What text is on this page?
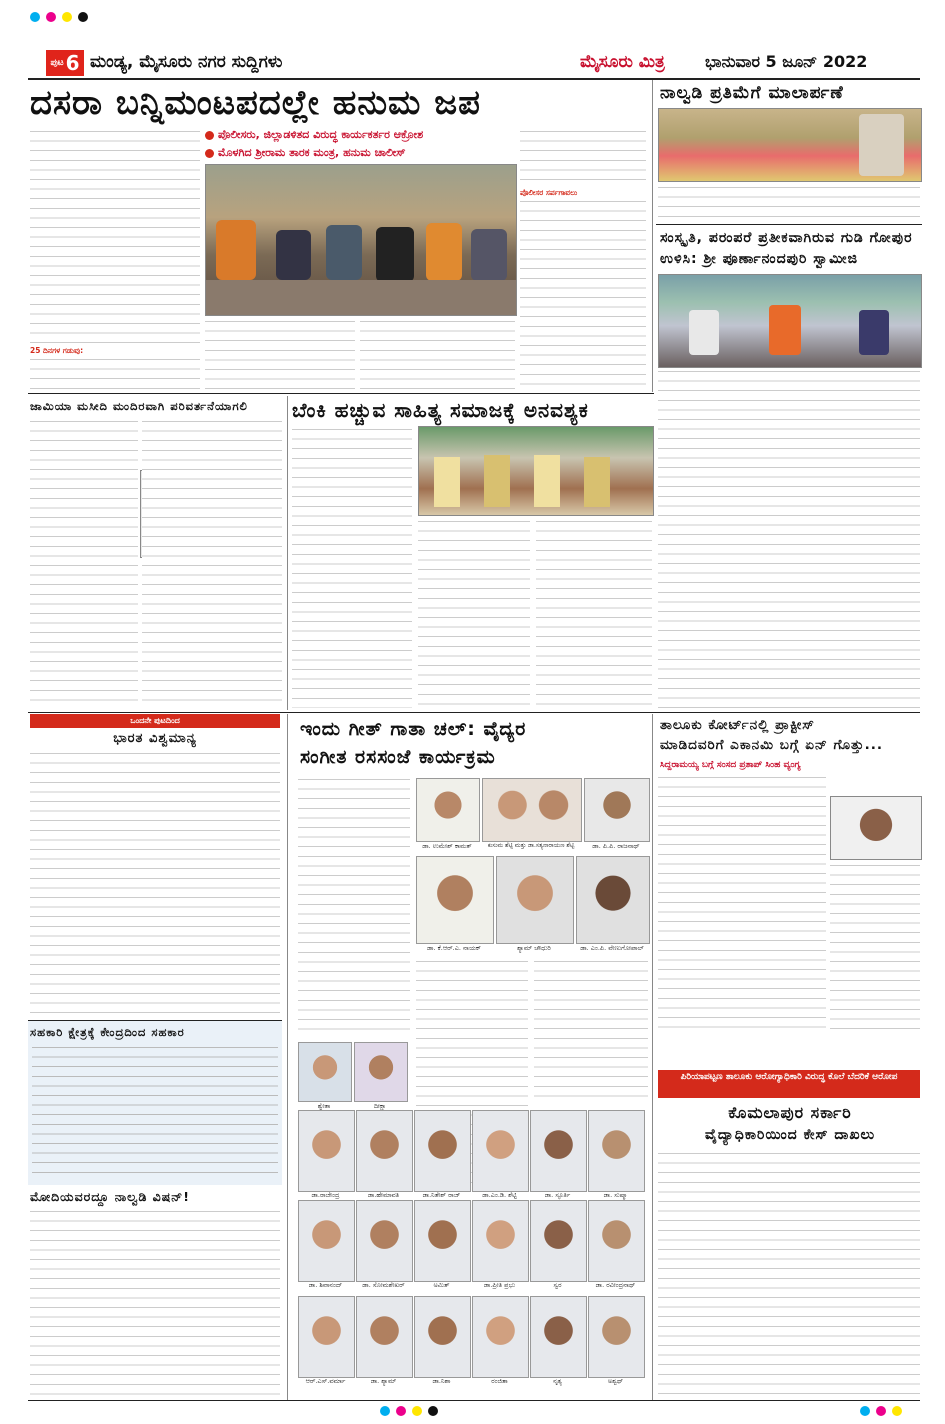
ಪುಟ 6 ಮಂಡ್ಯ, ಮೈಸೂರು ನಗರ ಸುದ್ದಿಗಳು	ಮೈಸೂರು ಮಿತ್ರ	ಭಾನುವಾರ 5 ಜೂನ್ 2022
ದಸರಾ ಬನ್ನಿಮಂಟಪದಲ್ಲೇ ಹನುಮ ಜಪ
25 ದಿನಗಳ ಗಡುವು:
ಪೊಲೀಸರು, ಜಿಲ್ಲಾಡಳಿತದ ವಿರುದ್ಧ ಕಾರ್ಯಕರ್ತರ ಆಕ್ರೋಶ
ಮೊಳಗಿದ ಶ್ರೀರಾಮ ತಾರಕ ಮಂತ್ರ, ಹನುಮ ಚಾಲೀಸ್
ಪೊಲೀಸರ ಸರ್ಪಗಾವಲು
ನಾಲ್ವಡಿ ಪ್ರತಿಮೆಗೆ ಮಾಲಾರ್ಪಣೆ
ಸಂಸ್ಕೃತಿ, ಪರಂಪರೆ ಪ್ರತೀಕವಾಗಿರುವ ಗುಡಿ ಗೋಪುರ ಉಳಿಸಿ: ಶ್ರೀ ಪೂರ್ಣಾನಂದಪುರಿ ಸ್ವಾಮೀಜಿ
ಜಾಮಿಯಾ ಮಸೀದಿ ಮಂದಿರವಾಗಿ ಪರಿವರ್ತನೆಯಾಗಲಿ	ಬೆಂಕಿ ಹಚ್ಚುವ ಸಾಹಿತ್ಯ ಸಮಾಜಕ್ಕೆ ಅನವಶ್ಯಕ
ಒಂದನೇ ಪುಟದಿಂದ
ಭಾರತ ವಿಶ್ವಮಾನ್ಯ
ಸಹಕಾರಿ ಕ್ಷೇತ್ರಕ್ಕೆ ಕೇಂದ್ರದಿಂದ ಸಹಕಾರ
ಮೋದಿಯವರದ್ದೂ ನಾಲ್ವಡಿ ವಿಷನ್!
ಇಂದು ಗೀತ್ ಗಾತಾ ಚಲ್: ವೈದ್ಯರ
ಸಂಗೀತ ರಸಸಂಜೆ ಕಾರ್ಯಕ್ರಮ
ಡಾ. ಉಮೇಶ್ ಕಾಮತ್	ಕುಸುಮ ಶೆಟ್ಟಿ ಮತ್ತು ಡಾ.ಸತ್ಯನಾರಾಯಣ ಶೆಟ್ಟಿ	ಡಾ. ಪಿ.ಪಿ. ರಾಜನಾಥ್
ಡಾ. ಕೆ.ಆರ್.ಎ. ನಾಯಕ್	ಶ್ಯಾಮ್ ಚೌಧುರಿ	ಡಾ. ಎಂ.ಪಿ. ವೇಣುಗೋಪಾಲ್
ಶ್ವೇತಾ	ದೀಕ್ಷಾ
ಡಾ.ರಾಜೇಂದ್ರ	ಡಾ.ಹೇಮಾವತಿ	ಡಾ.ನಿತೇಶ್ ರಾಜ್	ಡಾ.ಎಂ.ಡಿ. ಶೆಟ್ಟಿ	ಡಾ. ಸ್ಫೂರ್ತಿ	ಡಾ. ಸುಷ್ಮಾ
ಡಾ. ಶಿವಾನಂದ್	ಡಾ. ಸೋಮಶೇಖರ್	ಅಮಿತ್	ಡಾ.ಪ್ರೀತಿ ಪ್ರಭು	ಸ್ವರ	ಡಾ. ರವೀಂದ್ರನಾಥ್
ಆರ್.ಎಸ್.ವರ್ಮಾ	ಡಾ. ಶ್ಯಾಮ್	ಡಾ.ನಿಶಾ	ರಂಜಿತಾ	ನೃತ್ಯ	ಅಶ್ವಥ್
ತಾಲೂಕು ಕೋರ್ಟ್‌ನಲ್ಲಿ ಪ್ರಾಕ್ಟೀಸ್
ಮಾಡಿದವರಿಗೆ ಎಕಾನಮಿ ಬಗ್ಗೆ ಏನ್ ಗೊತ್ತು...
ಸಿದ್ದರಾಮಯ್ಯ ಬಗ್ಗೆ ಸಂಸದ ಪ್ರತಾಪ್ ಸಿಂಹ ವ್ಯಂಗ್ಯ
ಪಿರಿಯಾಪಟ್ಟಣ ತಾಲೂಕು ಆರೋಗ್ಯಾಧಿಕಾರಿ ವಿರುದ್ಧ ಕೊಲೆ ಬೆದರಿಕೆ ಆರೋಪ
ಕೊಮಲಾಪುರ ಸರ್ಕಾರಿ
ವೈದ್ಯಾಧಿಕಾರಿಯಿಂದ ಕೇಸ್ ದಾಖಲು
